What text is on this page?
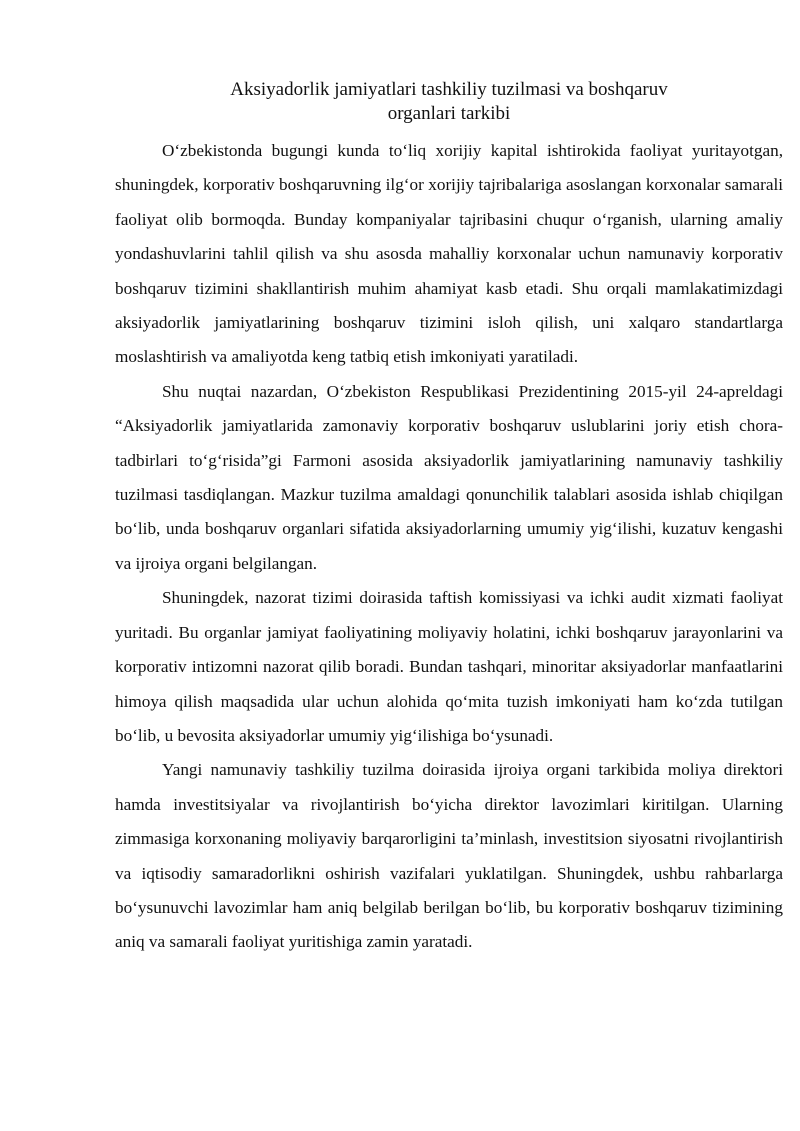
Aksiyadorlik jamiyatlari tashkiliy tuzilmasi va boshqaruv
organlari tarkibi

O‘zbekistonda bugungi kunda to‘liq xorijiy kapital ishtirokida faoliyat yuritayotgan, shuningdek, korporativ boshqaruvning ilg‘or xorijiy tajribalariga asoslangan korxonalar samarali faoliyat olib bormoqda. Bunday kompaniyalar tajribasini chuqur o‘rganish, ularning amaliy yondashuvlarini tahlil qilish va shu asosda mahalliy korxonalar uchun namunaviy korporativ boshqaruv tizimini shakllantirish muhim ahamiyat kasb etadi. Shu orqali mamlakatimizdagi aksiyadorlik jamiyatlarining boshqaruv tizimini isloh qilish, uni xalqaro standartlarga moslashtirish va amaliyotda keng tatbiq etish imkoniyati yaratiladi.

Shu nuqtai nazardan, O‘zbekiston Respublikasi Prezidentining 2015-yil 24-apreldagi “Aksiyadorlik jamiyatlarida zamonaviy korporativ boshqaruv uslublarini joriy etish chora-tadbirlari to‘g‘risida”gi Farmoni asosida aksiyadorlik jamiyatlarining namunaviy tashkiliy tuzilmasi tasdiqlangan. Mazkur tuzilma amaldagi qonunchilik talablari asosida ishlab chiqilgan bo‘lib, unda boshqaruv organlari sifatida aksiyadorlarning umumiy yig‘ilishi, kuzatuv kengashi va ijroiya organi belgilangan.

Shuningdek, nazorat tizimi doirasida taftish komissiyasi va ichki audit xizmati faoliyat yuritadi. Bu organlar jamiyat faoliyatining moliyaviy holatini, ichki boshqaruv jarayonlarini va korporativ intizomni nazorat qilib boradi. Bundan tashqari, minoritar aksiyadorlar manfaatlarini himoya qilish maqsadida ular uchun alohida qo‘mita tuzish imkoniyati ham ko‘zda tutilgan bo‘lib, u bevosita aksiyadorlar umumiy yig‘ilishiga bo‘ysunadi.

Yangi namunaviy tashkiliy tuzilma doirasida ijroiya organi tarkibida moliya direktori hamda investitsiyalar va rivojlantirish bo‘yicha direktor lavozimlari kiritilgan. Ularning zimmasiga korxonaning moliyaviy barqarorligini ta’minlash, investitsion siyosatni rivojlantirish va iqtisodiy samaradorlikni oshirish vazifalari yuklatilgan. Shuningdek, ushbu rahbarlarga bo‘ysunuvchi lavozimlar ham aniq belgilab berilgan bo‘lib, bu korporativ boshqaruv tizimining aniq va samarali faoliyat yuritishiga zamin yaratadi.
